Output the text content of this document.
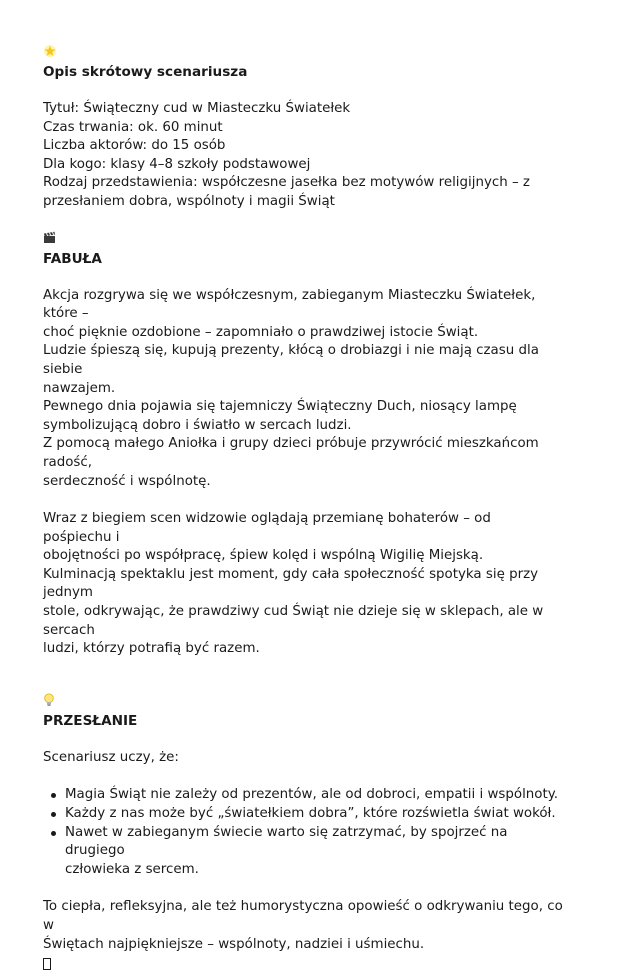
Opis skrótowy scenariusza

Tytuł: Świąteczny cud w Miasteczku Światełek
Czas trwania: ok. 60 minut
Liczba aktorów: do 15 osób
Dla kogo: klasy 4–8 szkoły podstawowej
Rodzaj przedstawienia: współczesne jasełka bez motywów religijnych – z
przesłaniem dobra, wspólnoty i magii Świąt

FABUŁA

Akcja rozgrywa się we współczesnym, zabieganym Miasteczku Światełek, które –
choć pięknie ozdobione – zapomniało o prawdziwej istocie Świąt.
Ludzie śpieszą się, kupują prezenty, kłócą o drobiazgi i nie mają czasu dla siebie
nawzajem.
Pewnego dnia pojawia się tajemniczy Świąteczny Duch, niosący lampę
symbolizującą dobro i światło w sercach ludzi.
Z pomocą małego Aniołka i grupy dzieci próbuje przywrócić mieszkańcom radość,
serdeczność i wspólnotę.
Wraz z biegiem scen widzowie oglądają przemianę bohaterów – od pośpiechu i
obojętności po współpracę, śpiew kolęd i wspólną Wigilię Miejską.
Kulminacją spektaklu jest moment, gdy cała społeczność spotyka się przy jednym
stole, odkrywając, że prawdziwy cud Świąt nie dzieje się w sklepach, ale w sercach
ludzi, którzy potrafią być razem.

PRZESŁANIE

Scenariusz uczy, że:
Magia Świąt nie zależy od prezentów, ale od dobroci, empatii i wspólnoty.
Każdy z nas może być „światełkiem dobra”, które rozświetla świat wokół.
Nawet w zabieganym świecie warto się zatrzymać, by spojrzeć na drugiego
człowieka z sercem.
To ciepła, refleksyjna, ale też humorystyczna opowieść o odkrywaniu tego, co w
Świętach najpiękniejsze – wspólnoty, nadziei i uśmiechu.
